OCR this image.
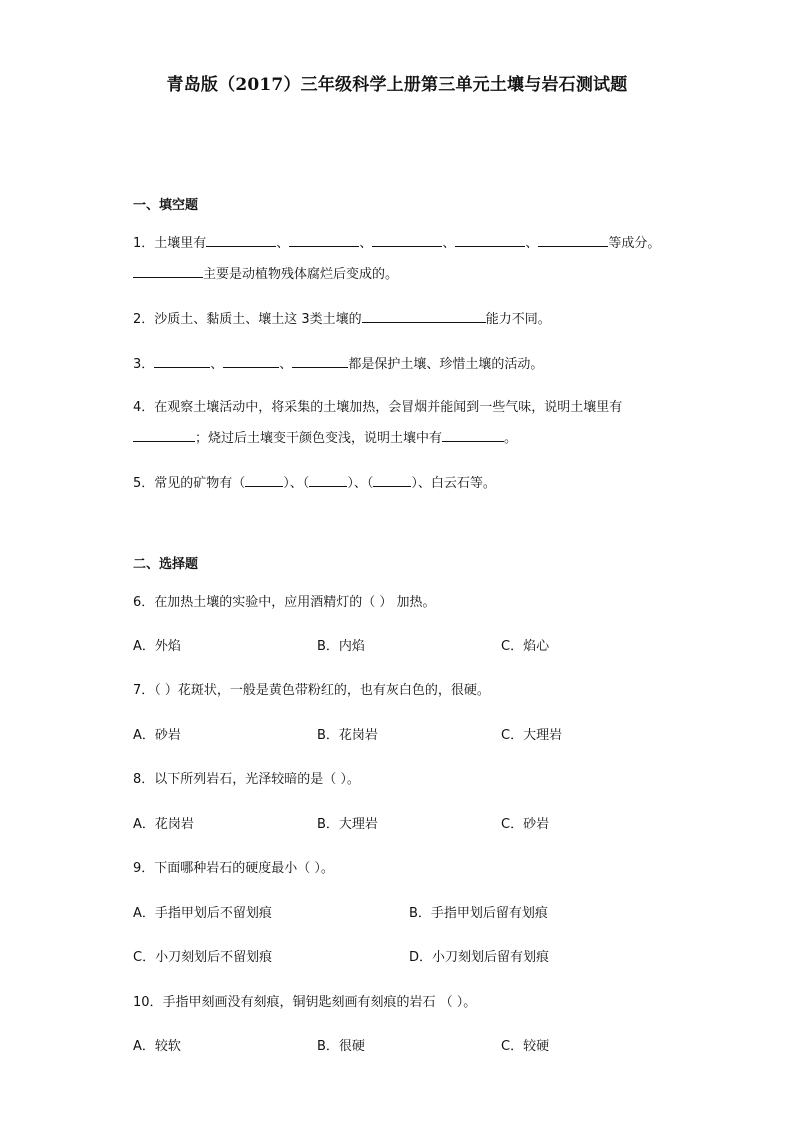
青岛版（2017）三年级科学上册第三单元土壤与岩石测试题
一、填空题
1．土壤里有	、	、	、	、	等成分。
主要是动植物残体腐烂后变成的。
2．沙质土、黏质土、壤土这 3类土壤的	能力不同。
3．	、	、	都是保护土壤、珍惜土壤的活动。
4．在观察土壤活动中，将采集的土壤加热，会冒烟并能闻到一些气味，说明土壤里有
；烧过后土壤变干颜色变浅，说明土壤中有	。
5．常见的矿物有（	）、（	）、（	）、白云石等。
二、选择题
6．在加热土壤的实验中，应用酒精灯的（ ） 加热。
A．外焰	B．内焰	C．焰心
7．（ ）花斑状，一般是黄色带粉红的，也有灰白色的，很硬。
A．砂岩	B．花岗岩	C．大理岩
8．以下所列岩石，光泽较暗的是（ ）。
A．花岗岩	B．大理岩	C．砂岩
9．下面哪种岩石的硬度最小（ ）。
A．手指甲划后不留划痕	B．手指甲划后留有划痕
C．小刀刻划后不留划痕	D．小刀刻划后留有划痕
10．手指甲刻画没有刻痕，铜钥匙刻画有刻痕的岩石 （ ）。
A．较软	B．很硬	C．较硬
